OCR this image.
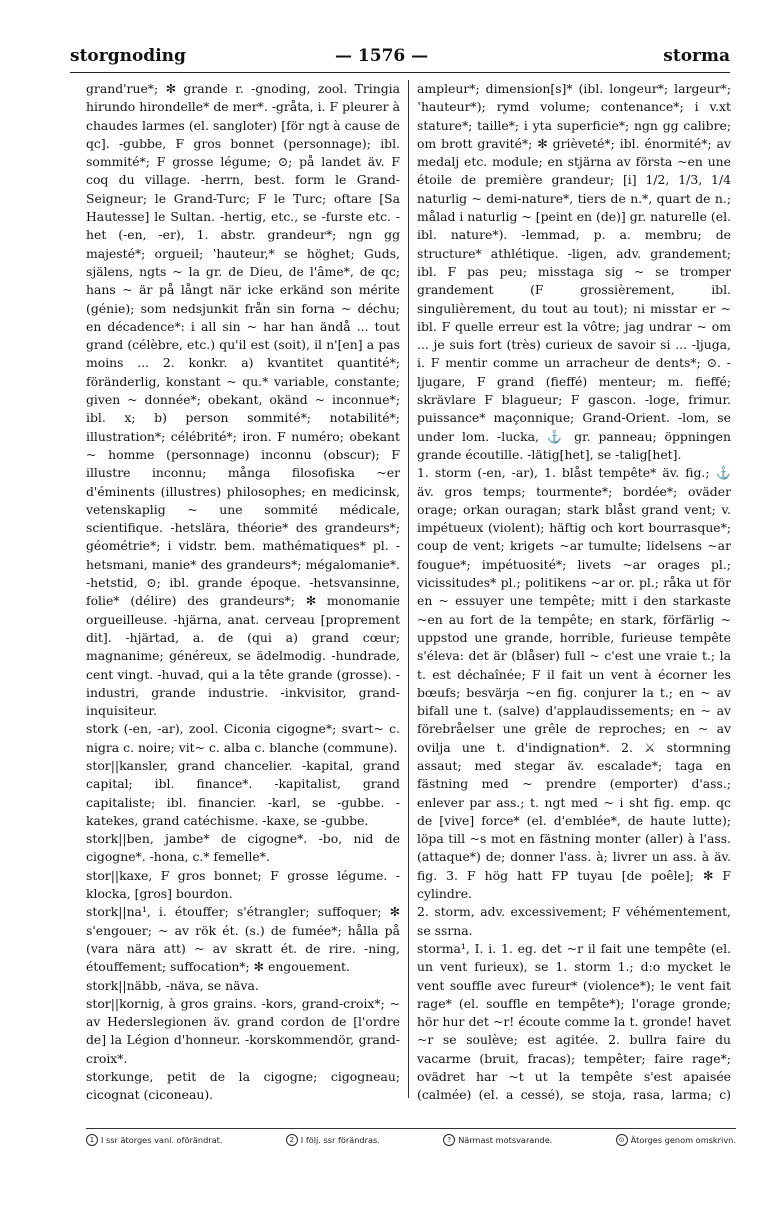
storgnoding	— 1576 —	storma

grand'rue*; ✻ grande r. -gnoding, zool. Tringia hirundo hirondelle* de mer*. -gråta, i. F pleurer à chaudes larmes (el. sangloter) [för ngt à cause de qc]. -gubbe, F gros bonnet (personnage); ibl. sommité*; F grosse légume; ⊙; på landet äv. F coq du village. -herrn, best. form le Grand-Seigneur; le Grand-Turc; F le Turc; oftare [Sa Hautesse] le Sultan. -hertig, etc., se -furste etc. -het (-en, -er), 1. abstr. grandeur*; ngn gg majesté*; orgueil; ʽhauteur,* se höghet; Guds, själens, ngts ~ la gr. de Dieu, de l'âme*, de qc; hans ~ är på långt när icke erkänd son mérite (génie); som nedsjunkit från sin forna ~ déchu; en décadence*: i all sin ~ har han ändå ... tout grand (célèbre, etc.) qu'il est (soit), il n'[en] a pas moins ... 2. konkr. a) kvantitet quantité*; föränderlig, konstant ~ qu.* variable, constante; given ~ donnée*; obekant, okänd ~ inconnue*; ibl. x; b) person sommité*; notabilité*; illustration*; célébrité*; iron. F numéro; obekant ~ homme (personnage) inconnu (obscur); F illustre inconnu; många filosofiska ~er d'éminents (illustres) philosophes; en medicinsk, vetenskaplig ~ une sommité médicale, scientifique. -hetslära, théorie* des grandeurs*; géométrie*; i vidstr. bem. mathématiques* pl. -hetsmani, manie* des grandeurs*; mégalomanie*. -hetstid, ⊙; ibl. grande époque. -hetsvansinne, folie* (délire) des grandeurs*; ✻ monomanie orgueilleuse. -hjärna, anat. cerveau [proprement dit]. -hjärtad, a. de (qui a) grand cœur; magnanime; généreux, se ädelmodig. -hundrade, cent vingt. -huvad, qui a la tête grande (grosse). -industri, grande industrie. -inkvisitor, grand-inquisiteur.

stork (-en, -ar), zool. Ciconia cigogne*; svart~ c. nigra c. noire; vit~ c. alba c. blanche (commune).

stor||kansler, grand chancelier. -kapital, grand capital; ibl. finance*. -kapitalist, grand capitaliste; ibl. financier. -karl, se -gubbe. -katekes, grand catéchisme. -kaxe, se -gubbe.

stork||ben, jambe* de cigogne*. -bo, nid de cigogne*. -hona, c.* femelle*.

stor||kaxe, F gros bonnet; F grosse légume. -klocka, [gros] bourdon.

stork||na¹, i. étouffer; s'étrangler; suffoquer; ✻ s'engouer; ~ av rök ét. (s.) de fumée*; hålla på (vara nära att) ~ av skratt ét. de rire. -ning, étouffement; suffocation*; ✻ engouement.

stork||näbb, -näva, se näva.

stor||kornig, à gros grains. -kors, grand-croix*; ~ av Hederslegionen äv. grand cordon de [l'ordre de] la Légion d'honneur. -korskommendör, grand-croix*.

storkunge, petit de la cigogne; cigogneau; cicognat (ciconeau).

ampleur*; dimension[s]* (ibl. longeur*; largeur*; ʽhauteur*); rymd volume; contenance*; i v.xt stature*; taille*; i yta superficie*; ngn gg calibre; om brott gravité*; ✻ grièveté*; ibl. énormité*; av medalj etc. module; en stjärna av första ~en une étoile de première grandeur; [i] 1/2, 1/3, 1/4 naturlig ~ demi-nature*, tiers de n.*, quart de n.; målad i naturlig ~ [peint en (de)] gr. naturelle (el. ibl. nature*). -lemmad, p. a. membru; de structure* athlétique. -ligen, adv. grandement; ibl. F pas peu; misstaga sig ~ se tromper grandement (F grossièrement, ibl. singulièrement, du tout au tout); ni misstar er ~ ibl. F quelle erreur est la vôtre; jag undrar ~ om ... je suis fort (très) curieux de savoir si ... -ljuga, i. F mentir comme un arracheur de dents*; ⊙. -ljugare, F grand (fieffé) menteur; m. fieffé; skrävlare F blagueur; F gascon. -loge, frimur. puissance* maçonnique; Grand-Orient. -lom, se under lom. -lucka, ⚓ gr. panneau; öppningen grande écoutille. -lätig[het], se -talig[het].

1. storm (-en, -ar), 1. blåst tempête* äv. fig.; ⚓ äv. gros temps; tourmente*; bordée*; oväder orage; orkan ouragan; stark blåst grand vent; v. impétueux (violent); häftig och kort bourrasque*; coup de vent; krigets ~ar tumulte; lidelsens ~ar fougue*; impétuosité*; livets ~ar orages pl.; vicissitudes* pl.; politikens ~ar or. pl.; råka ut för en ~ essuyer une tempête; mitt i den starkaste ~en au fort de la tempête; en stark, förfärlig ~ uppstod une grande, horrible, furieuse tempête s'éleva: det är (blåser) full ~ c'est une vraie t.; la t. est déchaînée; F il fait un vent à écorner les bœufs; besvärja ~en fig. conjurer la t.; en ~ av bifall une t. (salve) d'applaudissements; en ~ av förebråelser une grêle de reproches; en ~ av ovilja une t. d'indignation*. 2. ⚔ stormning assaut; med stegar äv. escalade*; taga en fästning med ~ prendre (emporter) d'ass.; enlever par ass.; t. ngt med ~ i sht fig. emp. qc de [vive] force* (el. d'emblée*, de haute lutte); löpa till ~s mot en fästning monter (aller) à l'ass. (attaque*) de; donner l'ass. à; livrer un ass. à äv. fig. 3. F hög hatt FP tuyau [de poêle]; ✻ F cylindre.

2. storm, adv. excessivement; F véhémentement, se ssrna.

storma¹, I. i. 1. eg. det ~r il fait une tempête (el. un vent furieux), se 1. storm 1.; d:o mycket le vent souffle avec fureur* (violence*); le vent fait rage* (el. souffle en tempête*); l'orage gronde; hör hur det ~r! écoute comme la t. gronde! havet ~r se soulève; est agitée. 2. bullra faire du vacarme (bruit, fracas); tempêter; faire rage*; ovädret har ~t ut la tempête s'est apaisée (calmée) (el. a cessé), se stoja, rasa, larma; c)

1 I ssr ätorges vanl. oförändrat.	2 I följ. ssr förändras.	? Närmast motsvarande.	⊙ Ätorges genom omskrivn.
